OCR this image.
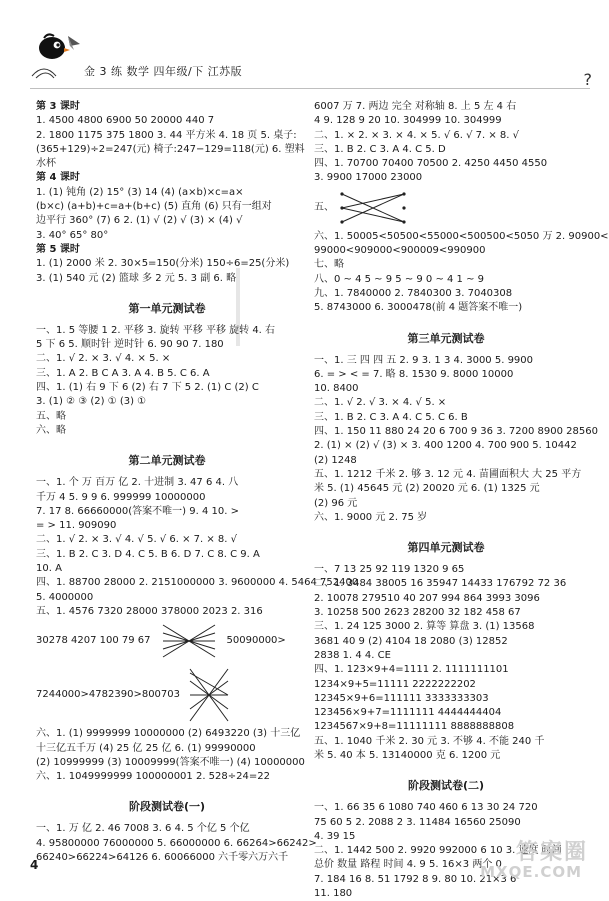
金 3 练 数学 四年级/下 江苏版	?
第 3 课时
1. 4500 4800 6900 50 20000 440 7
2. 1800 1175 375 1800 3. 44 平方米 4. 18 页 5. 桌子:
(365+129)÷2=247(元) 椅子:247−129=118(元) 6. 塑料
水杯
第 4 课时
1. (1) 钝角 (2) 15° (3) 14 (4) (a×b)×c=a×
(b×c) (a+b)+c=a+(b+c) (5) 直角 (6) 只有一组对
边平行 360° (7) 6 2. (1) √ (2) √ (3) × (4) √
3. 40° 65° 80°
第 5 课时
1. (1) 2000 米 2. 30×5=150(分米) 150÷6=25(分米)
3. (1) 540 元 (2) 篮球 多 2 元 5. 3 副 6. 略
第一单元测试卷
一、1. 5 等腰 1 2. 平移 3. 旋转 平移 平移 旋转 4. 右
5 下 6 5. 顺时针 逆时针 6. 90 90 7. 180
二、1. √ 2. × 3. √ 4. × 5. ×
三、1. A 2. B C A 3. A 4. B 5. C 6. A
四、1. (1) 右 9 下 6 (2) 右 7 下 5 2. (1) C (2) C
3. (1) ② ③ (2) ① (3) ①
五、略
六、略
第二单元测试卷
一、1. 个 万 百万 亿 2. 十进制 3. 47 6 4. 八
千万 4 5. 9 9 6. 999999 10000000
7. 17 8. 66660000(答案不唯一) 9. 4 10. >
= > 11. 909090
二、1. √ 2. × 3. √ 4. √ 5. √ 6. × 7. × 8. √
三、1. B 2. C 3. D 4. C 5. B 6. D 7. C 8. C 9. A
10. A
四、1. 88700 28000 2. 2151000000 3. 9600000 4. 5464 752400
5. 4000000
五、1. 4576 7320 28000 378000 2023 2. 316
30278 4207 100 79 67	50090000>
7244000>4782390>800703
六、1. (1) 9999999 10000000 (2) 6493220 (3) 十三亿
十三亿五千万 (4) 25 亿 25 亿 6. (1) 99990000
(2) 10999999 (3) 10009999(答案不唯一) (4) 10000000
六、1. 1049999999 100000001 2. 528÷24=22
阶段测试卷(一)
一、1. 万 亿 2. 46 7008 3. 6 4. 5 个亿 5 个亿
4. 95800000 76000000 5. 66000000 6. 66264>66242>
66240>66224>64126 6. 60066000 六千零六万六千
6007 万 7. 两边 完全 对称轴 8. 上 5 左 4 右
4 9. 128 9 20 10. 304999 10. 304999
二、1. × 2. × 3. × 4. × 5. √ 6. √ 7. × 8. √
三、1. B 2. C 3. A 4. C 5. D
四、1. 70700 70400 70500 2. 4250 4450 4550
3. 9900 17000 23000
五、
六、1. 50005<50500<55000<500500<5050 万 2. 90900<
99000<909000<900009<990900
七、略
八、0 ~ 4 5 ~ 9 5 ~ 9 0 ~ 4 1 ~ 9
九、1. 7840000 2. 7840300 3. 7040308
5. 8743000 6. 3000478(前 4 题答案不唯一)
第三单元测试卷
一、1. 三 四 四 五 2. 9 3. 1 3 4. 3000 5. 9900
6. = > < = 7. 略 8. 1530 9. 8000 10000
10. 8400
二、1. √ 2. √ 3. × 4. √ 5. ×
三、1. B 2. C 3. A 4. C 5. C 6. B
四、1. 150 11 880 24 20 6 700 9 36 3. 7200 8900 28560
2. (1) × (2) √ (3) × 3. 400 1200 4. 700 900 5. 10442
(2) 1248
五、1. 1212 千米 2. 够 3. 12 元 4. 苗圃面积大 大 25 平方
米 5. (1) 45645 元 (2) 20020 元 6. (1) 1325 元
(2) 96 元
六、1. 9000 元 2. 75 岁
第四单元测试卷
一、7 13 25 92 119 1320 9 65
二、1. 3484 38005 16 35947 14433 176792 72 36
2. 10078 279510 40 207 994 864 3993 3096
3. 10258 500 2623 28200 32 182 458 67
三、1. 24 125 3000 2. 算等 算盘 3. (1) 13568
3681 40 9 (2) 4104 18 2080 (3) 12852
2838 1. 4 4. CE
四、1. 123×9+4=1111 2. 1111111101
1234×9+5=11111 2222222202
12345×9+6=111111 3333333303
123456×9+7=1111111 4444444404
1234567×9+8=11111111 8888888808
五、1. 1040 千米 2. 30 元 3. 不够 4. 不能 240 千
米 5. 40 本 5. 13140000 克 6. 1200 元
阶段测试卷(二)
一、1. 66 35 6 1080 740 460 6 13 30 24 720
75 60 5 2. 2088 2 3. 11484 16560 25090
4. 39 15
二、1. 1442 500 2. 9920 992000 6 10 3. 速度 时间
总价 数量 路程 时间 4. 9 5. 16×3 两个 0
7. 184 16 8. 51 1792 8 9. 80 10. 21×3 6
11. 180
4	答案圈
MXQE.COM
